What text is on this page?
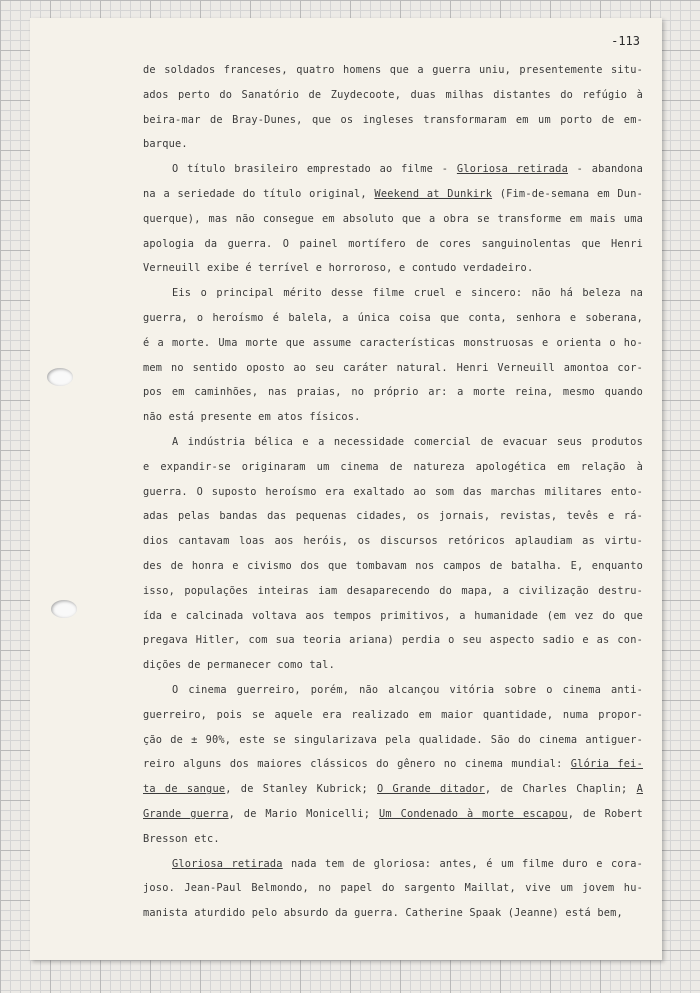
-113
de soldados franceses, quatro homens que a guerra uniu, presentemente situ-
ados perto do Sanatório de Zuydecoote, duas milhas distantes do refúgio à
beira-mar de Bray-Dunes, que os ingleses transformaram em um porto de em-
barque.
O título brasileiro emprestado ao filme - Gloriosa retirada - abandona
na a seriedade do título original, Weekend at Dunkirk (Fim-de-semana em Dun-
querque), mas não consegue em absoluto que a obra se transforme em mais uma
apologia da guerra. O painel mortífero de cores sanguinolentas que Henri
Verneuill exibe é terrível e horroroso, e contudo verdadeiro.
Eis o principal mérito desse filme cruel e sincero: não há beleza na
guerra, o heroísmo é balela, a única coisa que conta, senhora e soberana,
é a morte. Uma morte que assume características monstruosas e orienta o ho-
mem no sentido oposto ao seu caráter natural. Henri Verneuill amontoa cor-
pos em caminhões, nas praias, no próprio ar: a morte reina, mesmo quando
não está presente em atos físicos.
A indústria bélica e a necessidade comercial de evacuar seus produtos
e expandir-se originaram um cinema de natureza apologética em relação à
guerra. O suposto heroísmo era exaltado ao som das marchas militares ento-
adas pelas bandas das pequenas cidades, os jornais, revistas, tevês e rá-
dios cantavam loas aos heróis, os discursos retóricos aplaudiam as virtu-
des de honra e civismo dos que tombavam nos campos de batalha. E, enquanto
isso, populações inteiras iam desaparecendo do mapa, a civilização destru-
ída e calcinada voltava aos tempos primitivos, a humanidade (em vez do que
pregava Hitler, com sua teoria ariana) perdia o seu aspecto sadio e as con-
dições de permanecer como tal.
O cinema guerreiro, porém, não alcançou vitória sobre o cinema anti-
guerreiro, pois se aquele era realizado em maior quantidade, numa propor-
ção de ± 90%, este se singularizava pela qualidade. São do cinema antiguer-
reiro alguns dos maiores clássicos do gênero no cinema mundial: Glória fei-
ta de sangue, de Stanley Kubrick; O Grande ditador, de Charles Chaplin; A
Grande guerra, de Mario Monicelli; Um Condenado à morte escapou, de Robert
Bresson etc.
Gloriosa retirada nada tem de gloriosa: antes, é um filme duro e cora-
joso. Jean-Paul Belmondo, no papel do sargento Maillat, vive um jovem hu-
manista aturdido pelo absurdo da guerra. Catherine Spaak (Jeanne) está bem,
